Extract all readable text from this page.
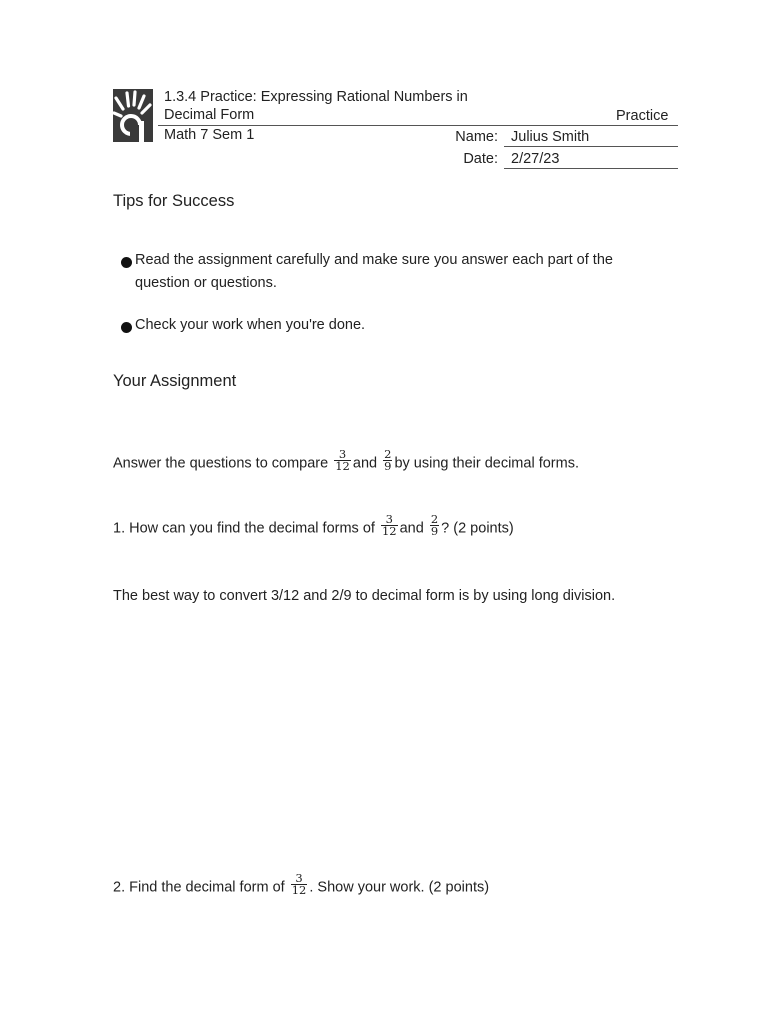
1.3.4 Practice: Expressing Rational Numbers in
Decimal Form
Math 7 Sem 1
Practice
Name: Julius Smith
Date: 2/27/23
Tips for Success
Read the assignment carefully and make sure you answer each part of the question or questions.
Check your work when you're done.
Your Assignment
Answer the questions to compare $\frac{3}{12}$ and $\frac{2}{9}$ by using their decimal forms.
1. How can you find the decimal forms of $\frac{3}{12}$ and $\frac{2}{9}$ ? (2 points)
The best way to convert 3/12 and 2/9 to decimal form is by using long division.
2. Find the decimal form of $\frac{3}{12}$ . Show your work. (2 points)
